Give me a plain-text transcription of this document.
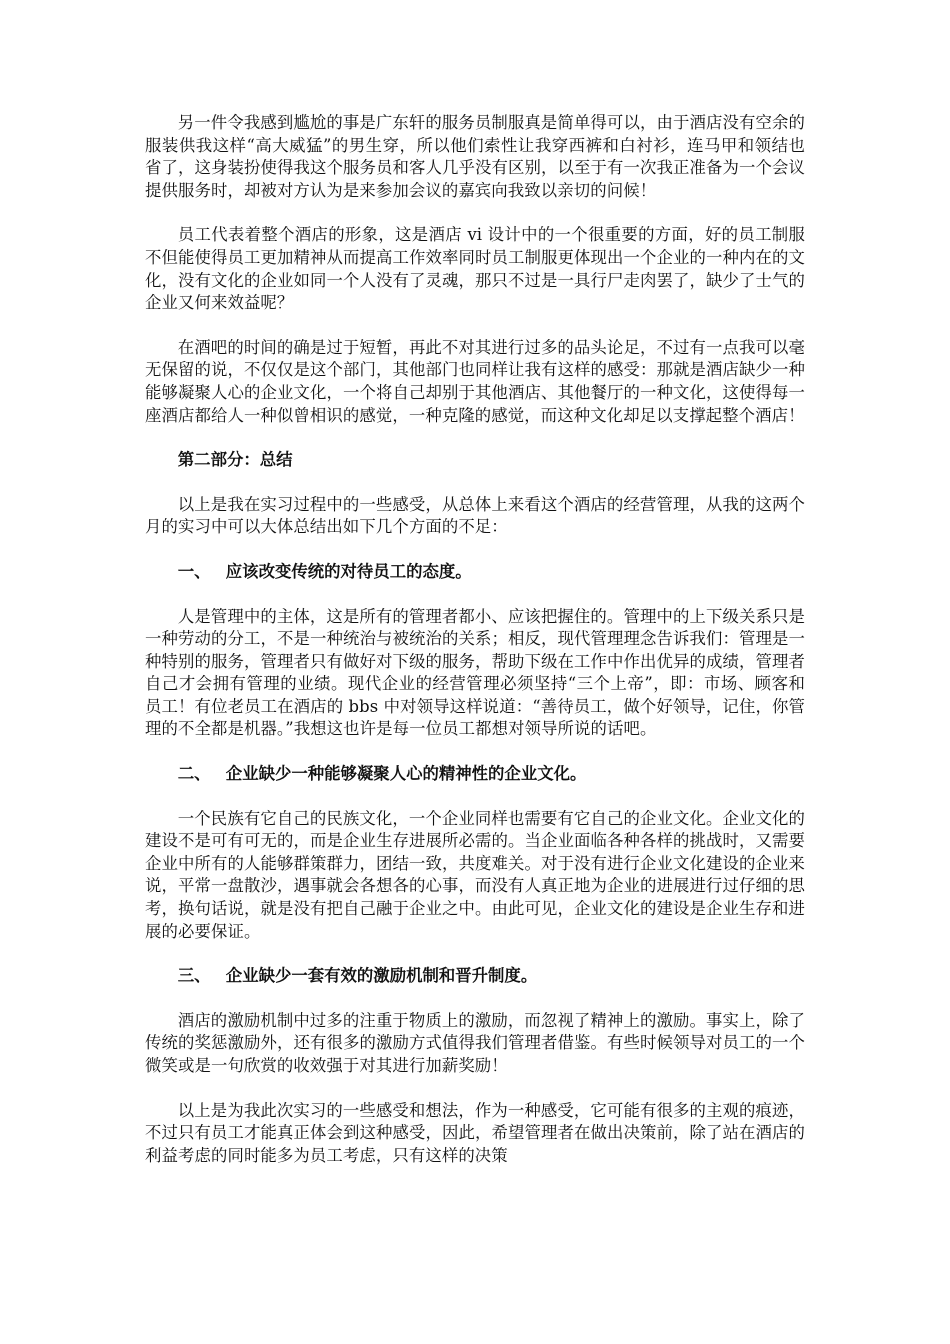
另一件令我感到尴尬的事是广东轩的服务员制服真是简单得可以，由于酒店没有空余的服装供我这样“高大威猛”的男生穿，所以他们索性让我穿西裤和白衬衫，连马甲和领结也省了，这身装扮使得我这个服务员和客人几乎没有区别，以至于有一次我正准备为一个会议提供服务时，却被对方认为是来参加会议的嘉宾向我致以亲切的问候！

员工代表着整个酒店的形象，这是酒店 vi 设计中的一个很重要的方面，好的员工制服不但能使得员工更加精神从而提高工作效率同时员工制服更体现出一个企业的一种内在的文化，没有文化的企业如同一个人没有了灵魂，那只不过是一具行尸走肉罢了，缺少了士气的企业又何来效益呢？

在酒吧的时间的确是过于短暂，再此不对其进行过多的品头论足，不过有一点我可以毫无保留的说，不仅仅是这个部门，其他部门也同样让我有这样的感受：那就是酒店缺少一种能够凝聚人心的企业文化，一个将自己却别于其他酒店、其他餐厅的一种文化，这使得每一座酒店都给人一种似曾相识的感觉，一种克隆的感觉，而这种文化却足以支撑起整个酒店！

第二部分：总结

以上是我在实习过程中的一些感受，从总体上来看这个酒店的经营管理，从我的这两个月的实习中可以大体总结出如下几个方面的不足：

一、 应该改变传统的对待员工的态度。

人是管理中的主体，这是所有的管理者都小、应该把握住的。管理中的上下级关系只是一种劳动的分工，不是一种统治与被统治的关系；相反，现代管理理念告诉我们：管理是一种特别的服务，管理者只有做好对下级的服务，帮助下级在工作中作出优异的成绩，管理者自己才会拥有管理的业绩。现代企业的经营管理必须坚持“三个上帝”，即：市场、顾客和员工！有位老员工在酒店的 bbs 中对领导这样说道：“善待员工，做个好领导，记住，你管理的不全都是机器。”我想这也许是每一位员工都想对领导所说的话吧。

二、 企业缺少一种能够凝聚人心的精神性的企业文化。

一个民族有它自己的民族文化，一个企业同样也需要有它自己的企业文化。企业文化的建设不是可有可无的，而是企业生存进展所必需的。当企业面临各种各样的挑战时，又需要企业中所有的人能够群策群力，团结一致，共度难关。对于没有进行企业文化建设的企业来说，平常一盘散沙，遇事就会各想各的心事，而没有人真正地为企业的进展进行过仔细的思考，换句话说，就是没有把自己融于企业之中。由此可见，企业文化的建设是企业生存和进展的必要保证。

三、 企业缺少一套有效的激励机制和晋升制度。

酒店的激励机制中过多的注重于物质上的激励，而忽视了精神上的激励。事实上，除了传统的奖惩激励外，还有很多的激励方式值得我们管理者借鉴。有些时候领导对员工的一个微笑或是一句欣赏的收效强于对其进行加薪奖励！

以上是为我此次实习的一些感受和想法，作为一种感受，它可能有很多的主观的痕迹，不过只有员工才能真正体会到这种感受，因此，希望管理者在做出决策前，除了站在酒店的利益考虑的同时能多为员工考虑，只有这样的决策
